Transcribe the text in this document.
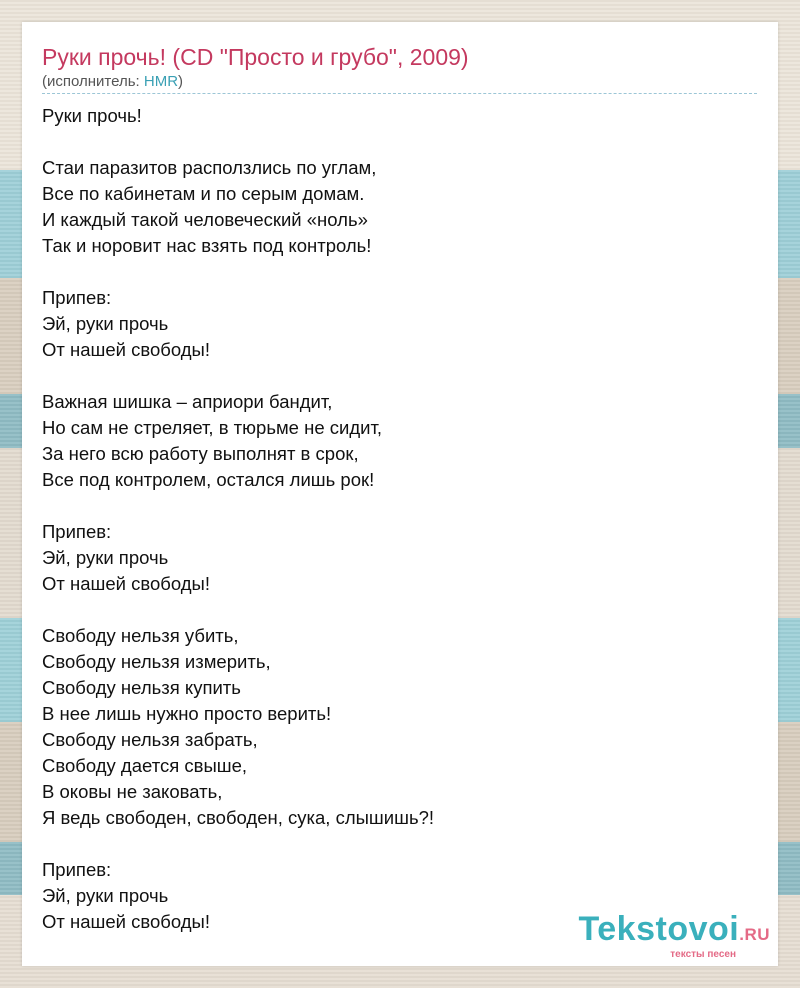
Руки прочь! (CD "Просто и грубо", 2009)
(исполнитель: HMR)
Руки прочь!
Стаи паразитов расползлись по углам,
Все по кабинетам и по серым домам.
И каждый такой человеческий «ноль»
Так и норовит нас взять под контроль!
Припев:
Эй, руки прочь
От нашей свободы!
Важная шишка – априори бандит,
Но сам не стреляет, в тюрьме не сидит,
За него всю работу выполнят в срок,
Все под контролем, остался лишь рок!
Припев:
Эй, руки прочь
От нашей свободы!
Свободу нельзя убить,
Свободу нельзя измерить,
Свободу нельзя купить
В нее лишь нужно просто верить!
Свободу нельзя забрать,
Свободу дается свыше,
В оковы не заковать,
Я ведь свободен, свободен, сука, слышишь?!
Припев:
Эй, руки прочь
От нашей свободы!	Tekstovoi.RU
тексты песен
